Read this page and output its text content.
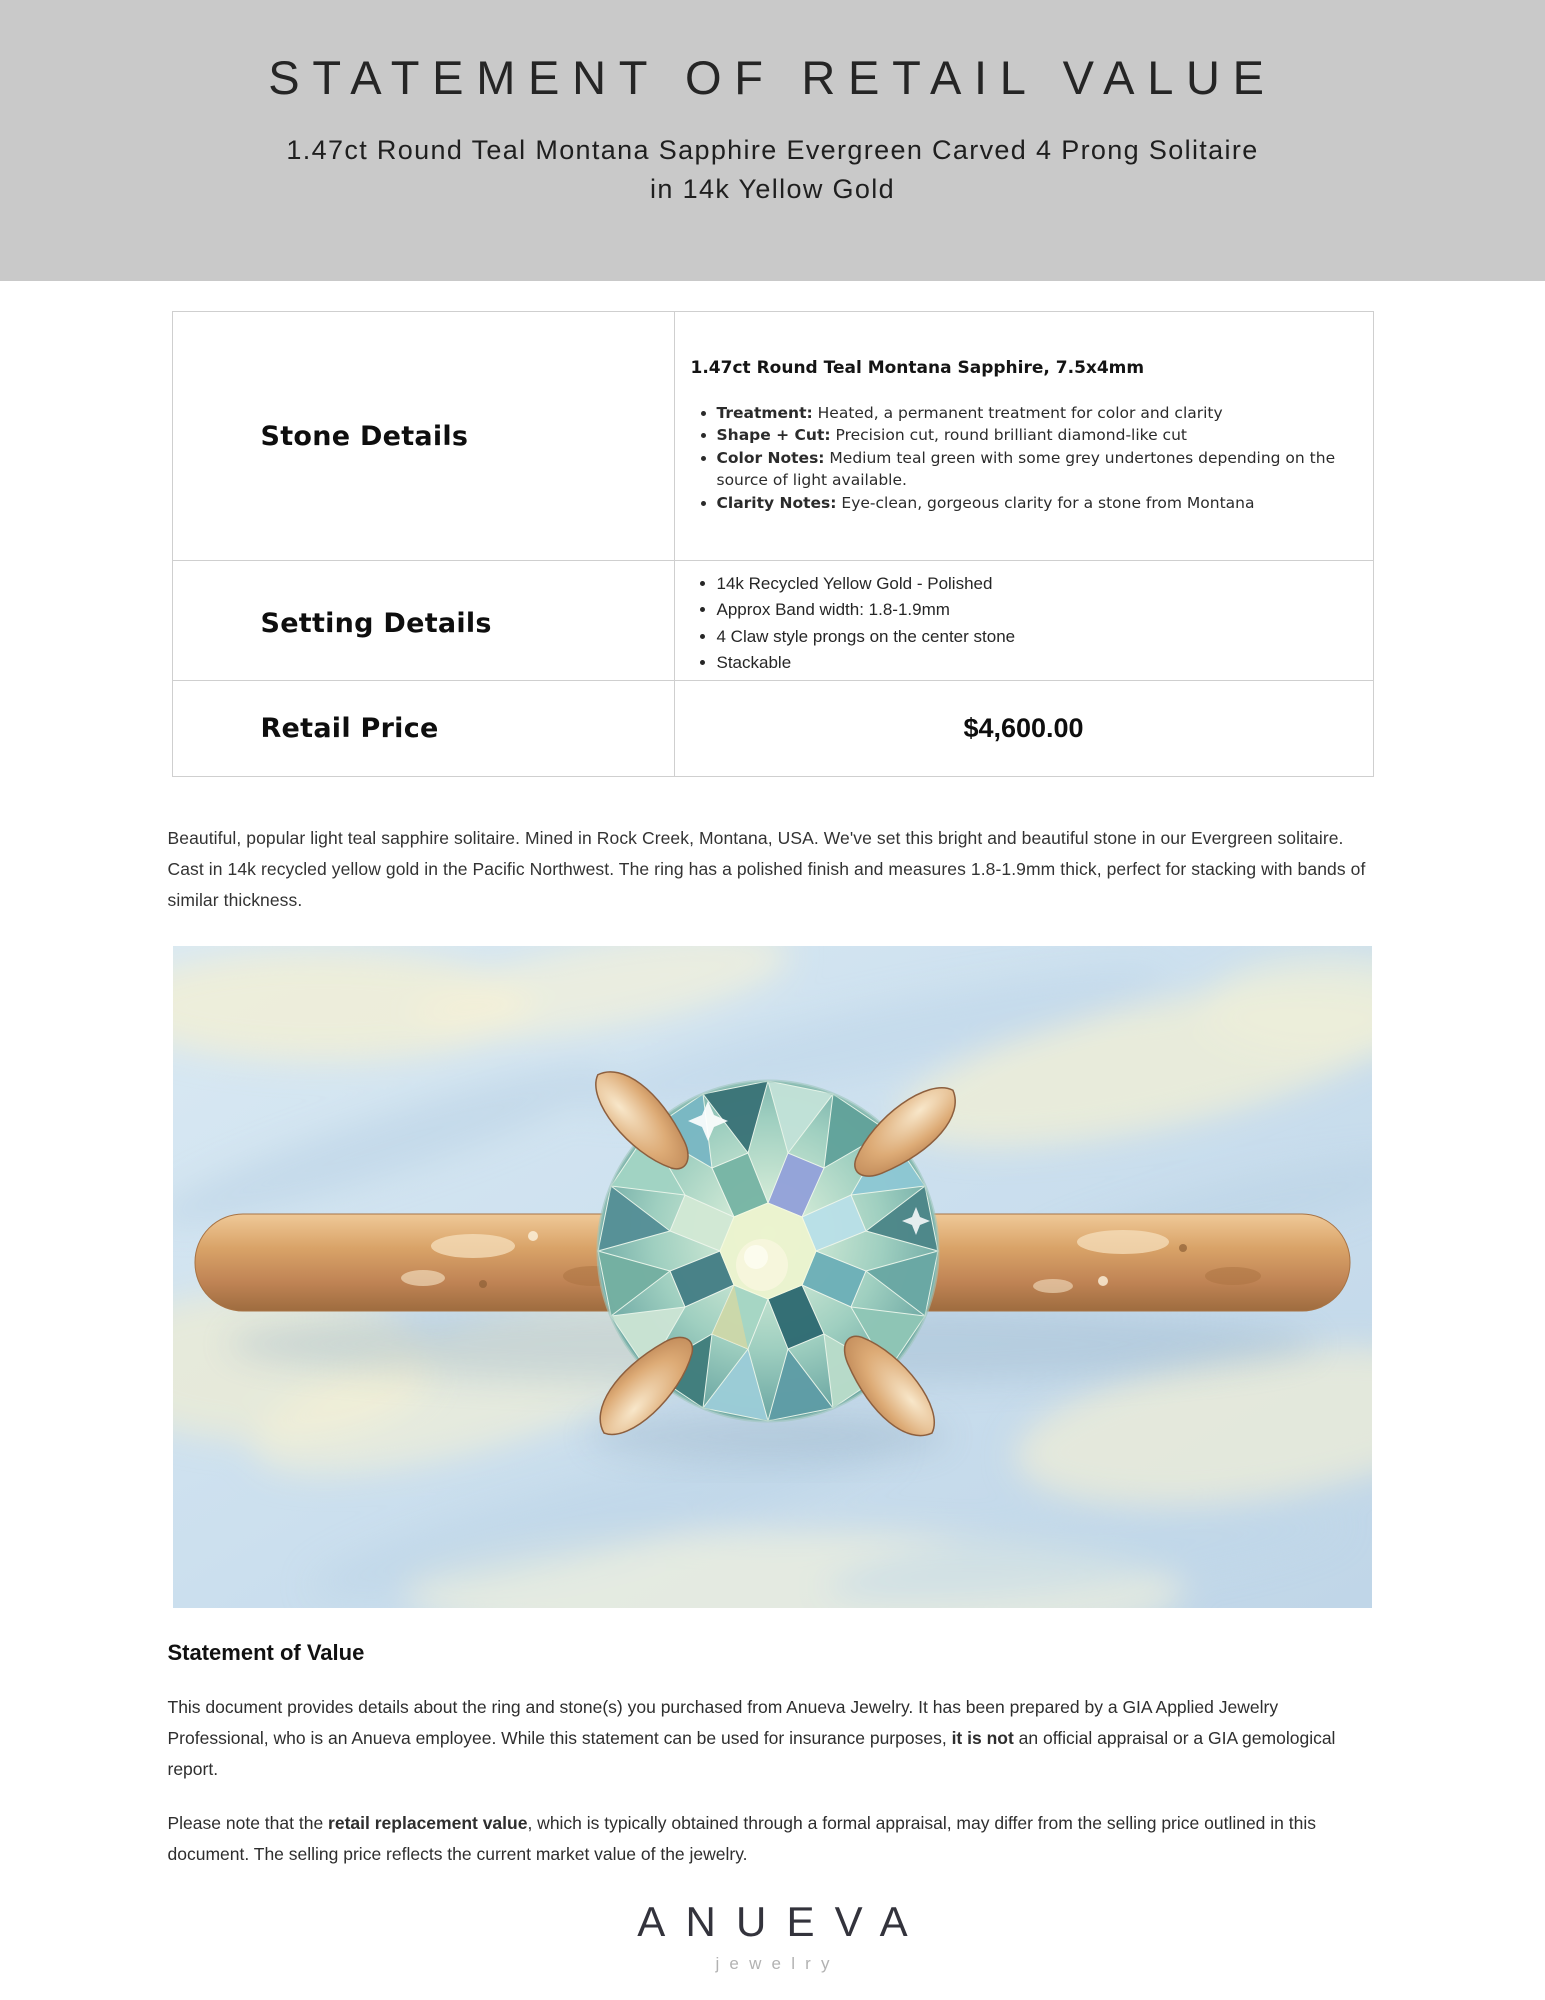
STATEMENT OF RETAIL VALUE
1.47ct Round Teal Montana Sapphire Evergreen Carved 4 Prong Solitaire in 14k Yellow Gold
Stone Details

1.47ct Round Teal Montana Sapphire, 7.5x4mm

• Treatment: Heated, a permanent treatment for color and clarity
• Shape + Cut: Precision cut, round brilliant diamond-like cut
• Color Notes: Medium teal green with some grey undertones depending on the source of light available.
• Clarity Notes: Eye-clean, gorgeous clarity for a stone from Montana
Setting Details
• 14k Recycled Yellow Gold - Polished
• Approx Band width: 1.8-1.9mm
• 4 Claw style prongs on the center stone
• Stackable
Retail Price	$4,600.00

Beautiful, popular light teal sapphire solitaire. Mined in Rock Creek, Montana, USA. We've set this bright and beautiful stone in our Evergreen solitaire. Cast in 14k recycled yellow gold in the Pacific Northwest. The ring has a polished finish and measures 1.8-1.9mm thick, perfect for stacking with bands of similar thickness.

Statement of Value

This document provides details about the ring and stone(s) you purchased from Anueva Jewelry. It has been prepared by a GIA Applied Jewelry Professional, who is an Anueva employee. While this statement can be used for insurance purposes, it is not an official appraisal or a GIA gemological report.

Please note that the retail replacement value, which is typically obtained through a formal appraisal, may differ from the selling price outlined in this document. The selling price reflects the current market value of the jewelry.

ANUEVA
jewelry
